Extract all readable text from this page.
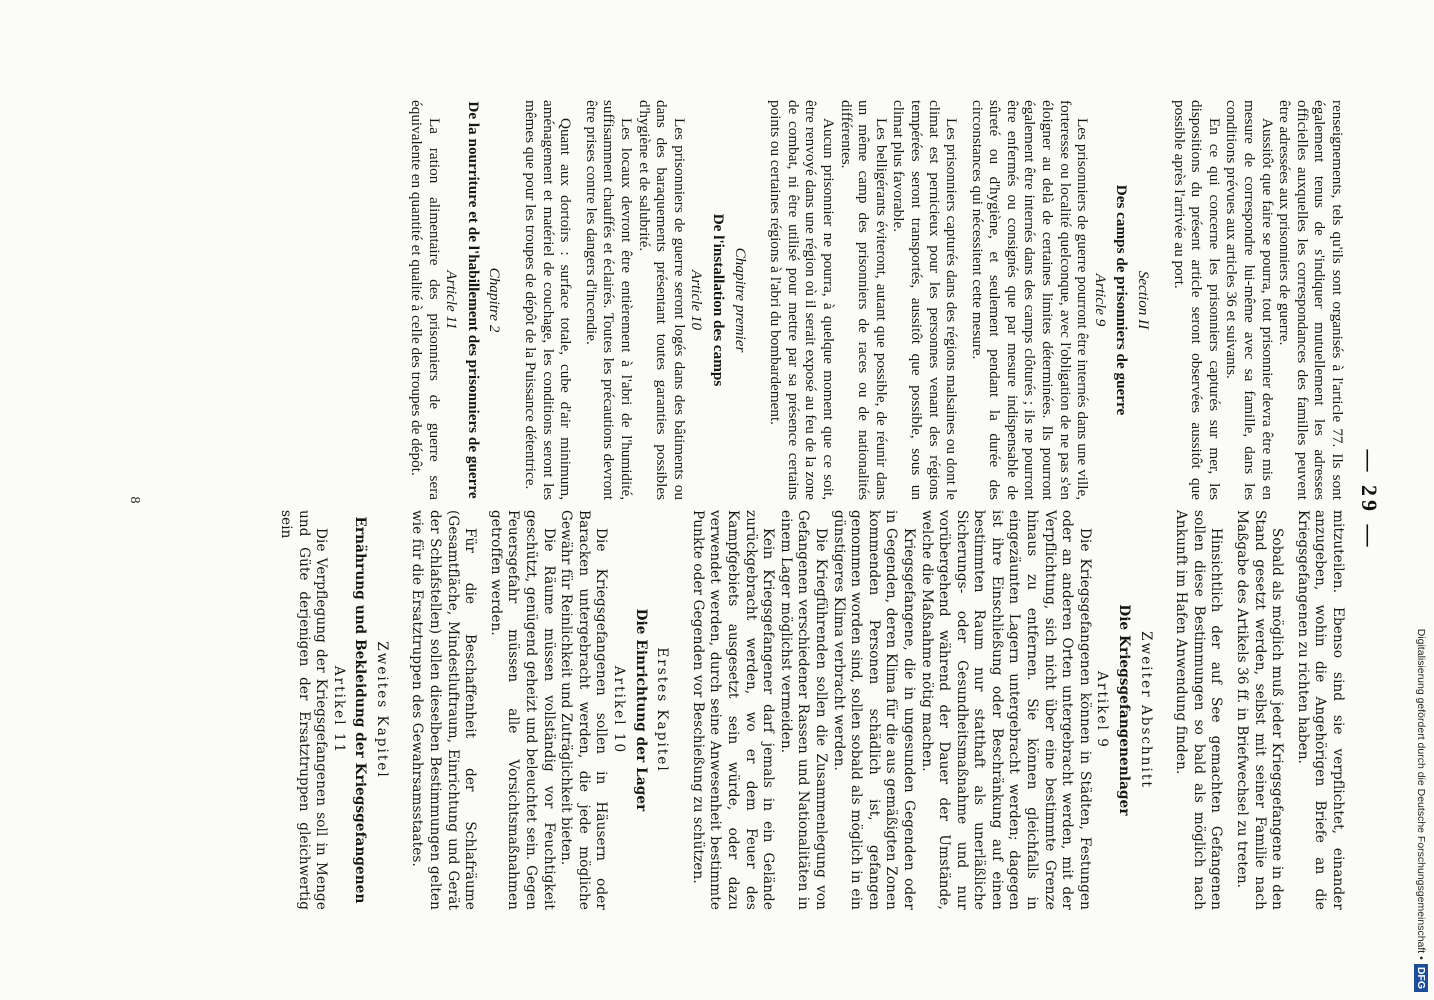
— 29 —

renseignements, tels qu'ils sont organisés à l'article 77. Ils sont également tenus de s'indiquer mutuellement les adresses officielles auxquelles les correspondances des familles peuvent être adressées aux prisonniers de guerre.

Aussitôt que faire se pourra, tout prisonnier devra être mis en mesure de correspondre lui-même avec sa famille, dans les conditions prévues aux articles 36 et suivants.

En ce qui concerne les prisonniers capturés sur mer, les dispositions du présent article seront observées aussitôt que possible après l'arrivée au port.

Section II
Des camps de prisonniers de guerre
Article 9

Les prisonniers de guerre pourront être internés dans une ville, forteresse ou localité quelconque, avec l'obligation de ne pas s'en éloigner au delà de certaines limites déterminées. Ils pourront également être internés dans des camps clôturés ; ils ne pourront être enfermés ou consignés que par mesure indispensable de sûreté ou d'hygiène, et seulement pendant la durée des circonstances qui nécessitent cette mesure.

Les prisonniers capturés dans des régions malsaines ou dont le climat est pernicieux pour les personnes venant des régions tempérées seront transportés, aussitôt que possible, sous un climat plus favorable.

Les belligérants éviteront, autant que possible, de réunir dans un même camp des prisonniers de races ou de nationalités différentes.

Aucun prisonnier ne pourra, à quelque moment que ce soit, être renvoyé dans une région où il serait exposé au feu de la zone de combat, ni être utilisé pour mettre par sa présence certains points ou certaines régions à l'abri du bombardement.

Chapitre premier
De l'installation des camps
Article 10

Les prisonniers de guerre seront logés dans des bâtiments ou dans des baraquements présentant toutes garanties possibles d'hygiène et de salubrité.

Les locaux devront être entièrement à l'abri de l'humidité, suffisamment chauffés et éclairés. Toutes les précautions devront être prises contre les dangers d'incendie.

Quant aux dortoirs : surface totale, cube d'air minimum, aménagement et matériel de couchage, les conditions seront les mêmes que pour les troupes de dépôt de la Puissance détentrice.

Chapitre 2
De la nourriture et de l'habillement des prisonniers de guerre
Article 11

La ration alimentaire des prisonniers de guerre sera équivalente en quantité et qualité à celle des troupes de dépôt.

mitzuteilen. Ebenso sind sie verpflichtet, einander anzugeben, wohin die Angehörigen Briefe an die Kriegsgefangenen zu richten haben.

Sobald als möglich muß jeder Kriegsgefangene in den Stand gesetzt werden, selbst mit seiner Familie nach Maßgabe des Artikels 36 ff. in Briefwechsel zu treten.

Hinsichtlich der auf See gemachten Gefangenen sollen diese Bestimmungen so bald als möglich nach Ankunft im Hafen Anwendung finden.

Zweiter Abschnitt
Die Kriegsgefangenenlager
Artikel 9

Die Kriegsgefangenen können in Städten, Festungen oder an anderen Orten untergebracht werden, mit der Verpflichtung, sich nicht über eine bestimmte Grenze hinaus zu entfernen. Sie können gleichfalls in eingezäunten Lagern untergebracht werden; dagegen ist ihre Einschließung oder Beschränkung auf einen bestimmten Raum nur statthaft als unerläßliche Sicherungs- oder Gesundheitsmaßnahme und nur vorübergehend während der Dauer der Umstände, welche die Maßnahme nötig machen.

Kriegsgefangene, die in ungesunden Gegenden oder in Gegenden, deren Klima für die aus gemäßigten Zonen kommenden Personen schädlich ist, gefangen genommen worden sind, sollen sobald als möglich in ein günstigeres Klima verbracht werden.

Die Kriegführenden sollen die Zusammenlegung von Gefangenen verschiedener Rassen und Nationalitäten in einem Lager möglichst vermeiden.

Kein Kriegsgefangener darf jemals in ein Gelände zurückgebracht werden, wo er dem Feuer des Kampfgebiets ausgesetzt sein würde, oder dazu verwendet werden, durch seine Anwesenheit bestimmte Punkte oder Gegenden vor Beschießung zu schützen.

Erstes Kapitel
Die Einrichtung der Lager
Artikel 10

Die Kriegsgefangenen sollen in Häusern oder Baracken untergebracht werden, die jede mögliche Gewähr für Reinlichkeit und Zuträglichkeit bieten.

Die Räume müssen vollständig vor Feuchtigkeit geschützt, genügend geheizt und beleuchtet sein. Gegen Feuersgefahr müssen alle Vorsichtsmaßnahmen getroffen werden.

Für die Beschaffenheit der Schlafräume (Gesamtfläche, Mindestluftraum, Einrichtung und Gerät der Schlafstellen) sollen dieselben Bestimmungen gelten wie für die Ersatztruppen des Gewahrsamsstaates.

Zweites Kapitel
Ernährung und Bekleidung der Kriegsgefangenen
Artikel 11

Die Verpflegung der Kriegsgefangenen soll in Menge und Güte derjenigen der Ersatztruppen gleichwertig sein

8
Digitalisierung gefördert durch die Deutsche Forschungsgemeinschaft •DFG
